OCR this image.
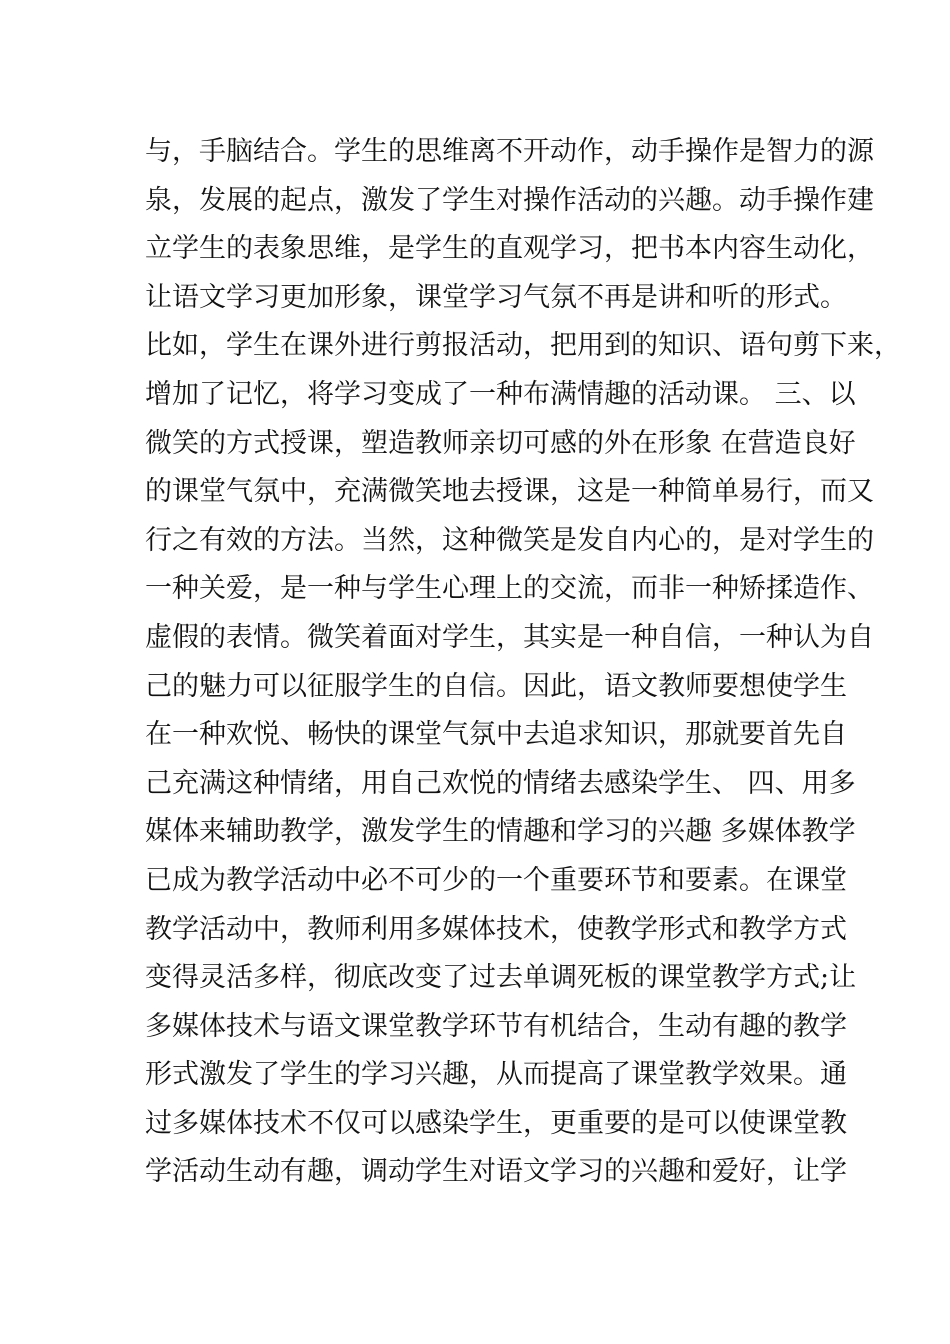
与，手脑结合。学生的思维离不开动作，动手操作是智力的源
泉，发展的起点，激发了学生对操作活动的兴趣。动手操作建
立学生的表象思维，是学生的直观学习，把书本内容生动化，
让语文学习更加形象，课堂学习气氛不再是讲和听的形式。
比如，学生在课外进行剪报活动，把用到的知识、语句剪下来，
增加了记忆，将学习变成了一种布满情趣的活动课。 三、以
微笑的方式授课，塑造教师亲切可感的外在形象 在营造良好
的课堂气氛中，充满微笑地去授课，这是一种简单易行，而又
行之有效的方法。当然，这种微笑是发自内心的，是对学生的
一种关爱，是一种与学生心理上的交流，而非一种矫揉造作、
虚假的表情。微笑着面对学生，其实是一种自信，一种认为自
己的魅力可以征服学生的自信。因此，语文教师要想使学生
在一种欢悦、畅快的课堂气氛中去追求知识，那就要首先自
己充满这种情绪，用自己欢悦的情绪去感染学生、 四、用多
媒体来辅助教学，激发学生的情趣和学习的兴趣 多媒体教学
已成为教学活动中必不可少的一个重要环节和要素。在课堂
教学活动中，教师利用多媒体技术，使教学形式和教学方式
变得灵活多样，彻底改变了过去单调死板的课堂教学方式;让
多媒体技术与语文课堂教学环节有机结合，生动有趣的教学
形式激发了学生的学习兴趣，从而提高了课堂教学效果。通
过多媒体技术不仅可以感染学生，更重要的是可以使课堂教
学活动生动有趣，调动学生对语文学习的兴趣和爱好，让学
